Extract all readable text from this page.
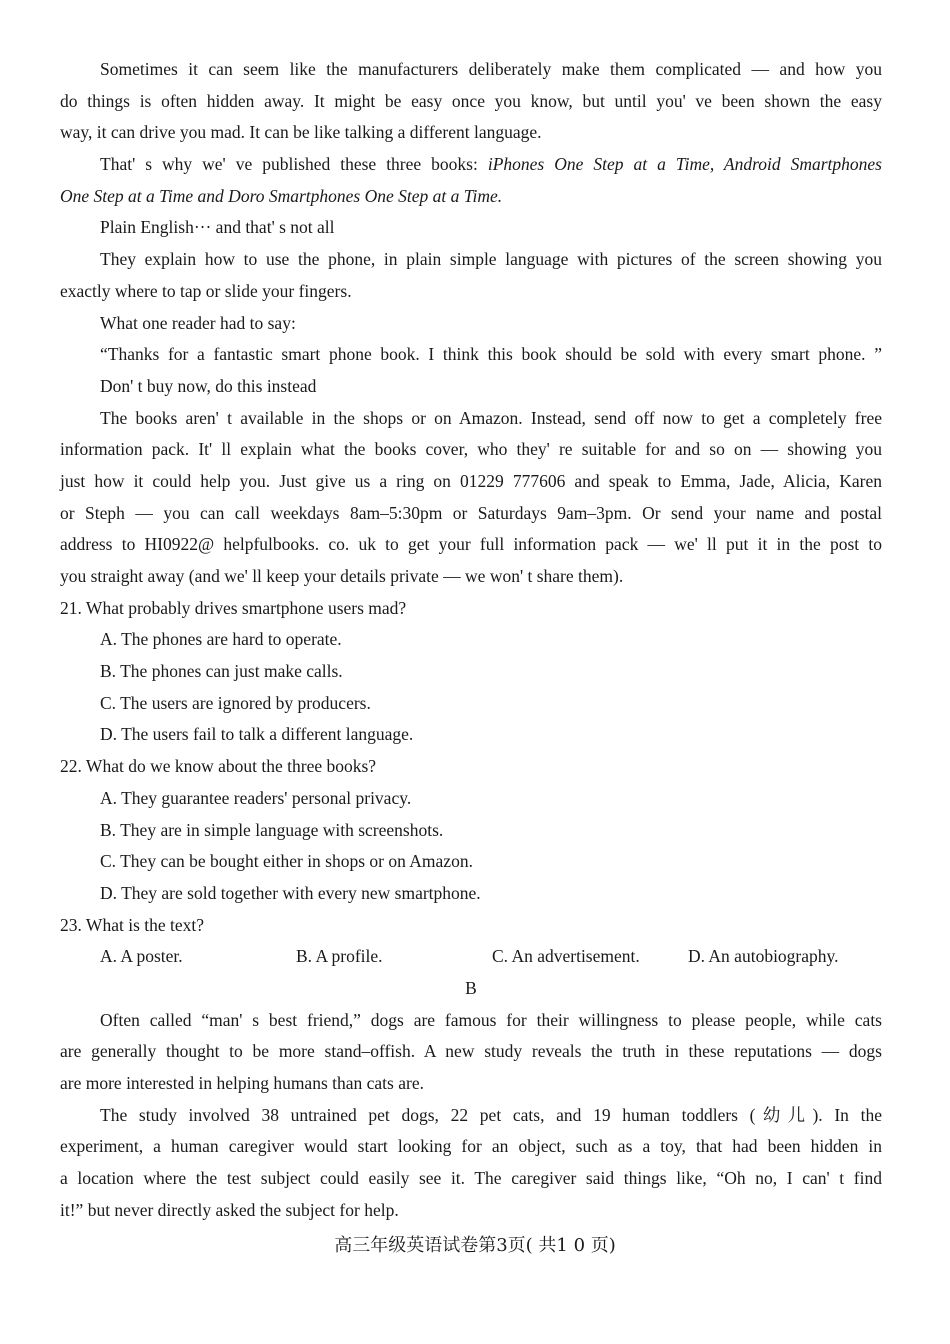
Sometimes it can seem like the manufacturers deliberately make them complicated — and how you
do things is often hidden away. It might be easy once you know, but until you' ve been shown the easy
way, it can drive you mad. It can be like talking a different language.
That' s why we' ve published these three books: iPhones One Step at a Time, Android Smartphones
One Step at a Time and Doro Smartphones One Step at a Time.
Plain English··· and that' s not all
They explain how to use the phone, in plain simple language with pictures of the screen showing you
exactly where to tap or slide your fingers.
What one reader had to say:
“Thanks for a fantastic smart phone book. I think this book should be sold with every smart phone. ”
Don' t buy now, do this instead
The books aren' t available in the shops or on Amazon. Instead, send off now to get a completely free
information pack. It' ll explain what the books cover, who they' re suitable for and so on — showing you
just how it could help you. Just give us a ring on 01229 777606 and speak to Emma, Jade, Alicia, Karen
or Steph — you can call weekdays 8am–5:30pm or Saturdays 9am–3pm. Or send your name and postal
address to HI0922@ helpfulbooks. co. uk to get your full information pack — we' ll put it in the post to
you straight away (and we' ll keep your details private — we won' t share them).
21. What probably drives smartphone users mad?
A. The phones are hard to operate.
B. The phones can just make calls.
C. The users are ignored by producers.
D. The users fail to talk a different language.
22. What do we know about the three books?
A. They guarantee readers' personal privacy.
B. They are in simple language with screenshots.
C. They can be bought either in shops or on Amazon.
D. They are sold together with every new smartphone.
23. What is the text?
A. A poster.	B. A profile.	C. An advertisement.	D. An autobiography.
B
Often called “man' s best friend,” dogs are famous for their willingness to please people, while cats
are generally thought to be more stand–offish. A new study reveals the truth in these reputations — dogs
are more interested in helping humans than cats are.
The study involved 38 untrained pet dogs, 22 pet cats, and 19 human toddlers (幼儿). In the
experiment, a human caregiver would start looking for an object, such as a toy, that had been hidden in
a location where the test subject could easily see it. The caregiver said things like, “Oh no, I can' t find
it!” but never directly asked the subject for help.
高三年级英语试卷第3页( 共1 0 页)
